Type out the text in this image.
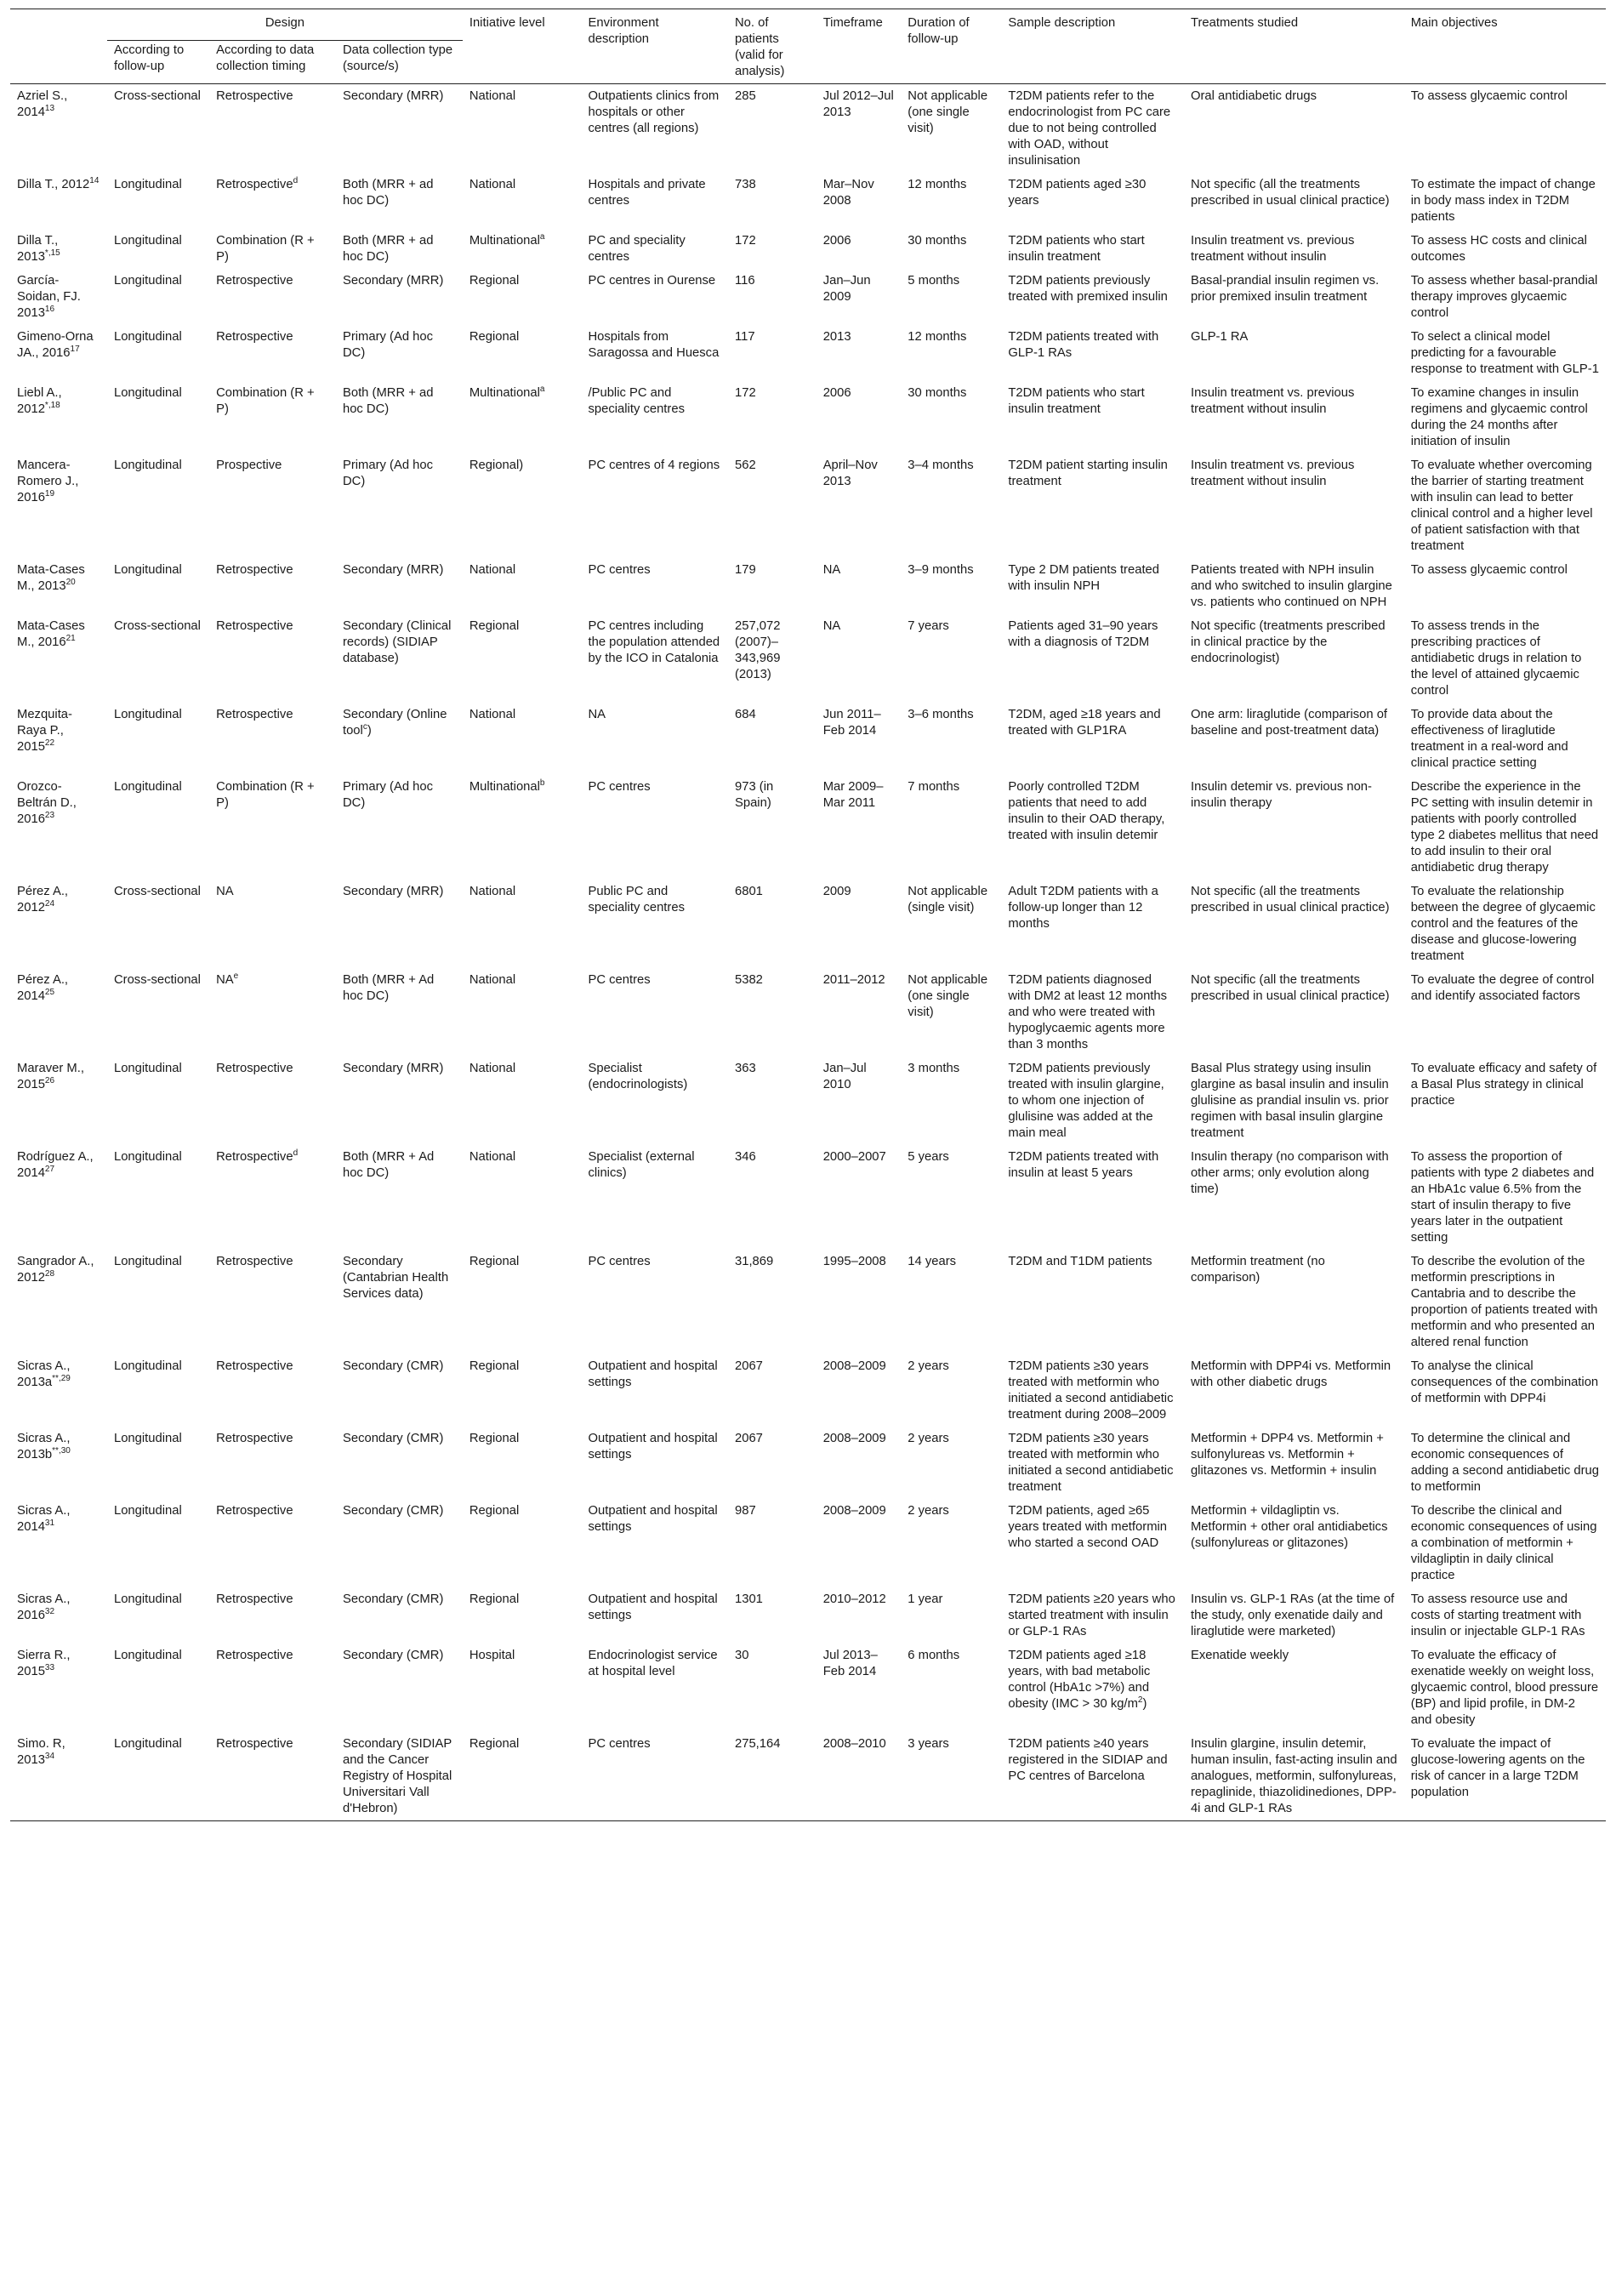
	Design			Initiative level	Environment description	No. of patients (valid for analysis)	Timeframe	Duration of follow-up	Sample description	Treatments studied	Main objectives
	According to follow-up	According to data collection timing	Data collection type (source/s)								
Azriel S., 2014$^{13}$	Cross-sectional	Retrospective	Secondary (MRR)	National	Outpatients clinics from hospitals or other centres (all regions)	285	Jul 2012–Jul 2013	Not applicable (one single visit)	T2DM patients refer to the endocrinologist from PC care due to not being controlled with OAD, without insulinisation	Oral antidiabetic drugs	To assess glycaemic control
Dilla T., 2012$^{14}$	Longitudinal	Retrospective$^d$	Both (MRR + ad hoc DC)	National	Hospitals and private centres	738	Mar–Nov 2008	12 months	T2DM patients aged ≥30 years	Not specific (all the treatments prescribed in usual clinical practice)	To estimate the impact of change in body mass index in T2DM patients
Dilla T., $2013^{*,15}$	Longitudinal	Combination (R + P)	Both (MRR + ad hoc DC)	Multinational$^a$	PC and speciality centres	172	2006	30 months	T2DM patients who start insulin treatment	Insulin treatment vs. previous treatment without insulin	To assess HC costs and clinical outcomes
García-Soidan, FJ. 2013$^{16}$	Longitudinal	Retrospective	Secondary (MRR)	Regional	PC centres in Ourense	116	Jan–Jun 2009	5 months	T2DM patients previously treated with premixed insulin	Basal-prandial insulin regimen vs. prior premixed insulin treatment	To assess whether basal-prandial therapy improves glycaemic control
Gimeno-Orna JA., 2016$^{17}$	Longitudinal	Retrospective	Primary (Ad hoc DC)	Regional	Hospitals from Saragossa and Huesca	117	2013	12 months	T2DM patients treated with GLP-1 RAs	GLP-1 RA	To select a clinical model predicting for a favourable response to treatment with GLP-1
Liebl A., $2012^{*,18}$	Longitudinal	Combination (R + P)	Both (MRR + ad hoc DC)	Multinational$^a$	/Public PC and speciality centres	172	2006	30 months	T2DM patients who start insulin treatment	Insulin treatment vs. previous treatment without insulin	To examine changes in insulin regimens and glycaemic control during the 24 months after initiation of insulin
Mancera-Romero J., 2016$^{19}$	Longitudinal	Prospective	Primary (Ad hoc DC)	Regional)	PC centres of 4 regions	562	April–Nov 2013	3–4 months	T2DM patient starting insulin treatment	Insulin treatment vs. previous treatment without insulin	To evaluate whether overcoming the barrier of starting treatment with insulin can lead to better clinical control and a higher level of patient satisfaction with that treatment
Mata-Cases M., 2013$^{20}$	Longitudinal	Retrospective	Secondary (MRR)	National	PC centres	179	NA	3–9 months	Type 2 DM patients treated with insulin NPH	Patients treated with NPH insulin and who switched to insulin glargine vs. patients who continued on NPH	To assess glycaemic control
Mata-Cases M., 2016$^{21}$	Cross-sectional	Retrospective	Secondary (Clinical records) (SIDIAP database)	Regional	PC centres including the population attended by the ICO in Catalonia	257,072 (2007)–343,969 (2013)	NA	7 years	Patients aged 31–90 years with a diagnosis of T2DM	Not specific (treatments prescribed in clinical practice by the endocrinologist)	To assess trends in the prescribing practices of antidiabetic drugs in relation to the level of attained glycaemic control
Mezquita-Raya P., 2015$^{22}$	Longitudinal	Retrospective	Secondary (Online tool$^c$)	National	NA	684	Jun 2011–Feb 2014	3–6 months	T2DM, aged ≥18 years and treated with GLP1RA	One arm: liraglutide (comparison of baseline and post-treatment data)	To provide data about the effectiveness of liraglutide treatment in a real-word and clinical practice setting
Orozco-Beltrán D., 2016$^{23}$	Longitudinal	Combination (R + P)	Primary (Ad hoc DC)	Multinational$^b$	PC centres	973 (in Spain)	Mar 2009–Mar 2011	7 months	Poorly controlled T2DM patients that need to add insulin to their OAD therapy, treated with insulin detemir	Insulin detemir vs. previous non-insulin therapy	Describe the experience in the PC setting with insulin detemir in patients with poorly controlled type 2 diabetes mellitus that need to add insulin to their oral antidiabetic drug therapy
Pérez A., 2012$^{24}$	Cross-sectional	NA	Secondary (MRR)	National	Public PC and speciality centres	6801	2009	Not applicable (single visit)	Adult T2DM patients with a follow-up longer than 12 months	Not specific (all the treatments prescribed in usual clinical practice)	To evaluate the relationship between the degree of glycaemic control and the features of the disease and glucose-lowering treatment
Pérez A., 2014$^{25}$	Cross-sectional	$NA^e$	Both (MRR + Ad hoc DC)	National	PC centres	5382	2011–2012	Not applicable (one single visit)	T2DM patients diagnosed with DM2 at least 12 months and who were treated with hypoglycaemic agents more than 3 months	Not specific (all the treatments prescribed in usual clinical practice)	To evaluate the degree of control and identify associated factors
Maraver M., 2015$^{26}$	Longitudinal	Retrospective	Secondary (MRR)	National	Specialist (endocrinologists)	363	Jan–Jul 2010	3 months	T2DM patients previously treated with insulin glargine, to whom one injection of glulisine was added at the main meal	Basal Plus strategy using insulin glargine as basal insulin and insulin glulisine as prandial insulin vs. prior regimen with basal insulin glargine treatment	To evaluate efficacy and safety of a Basal Plus strategy in clinical practice
Rodríguez A., 2014$^{27}$	Longitudinal	Retrospective$^d$	Both (MRR + Ad hoc DC)	National	Specialist (external clinics)	346	2000–2007	5 years	T2DM patients treated with insulin at least 5 years	Insulin therapy (no comparison with other arms; only evolution along time)	To assess the proportion of patients with type 2 diabetes and an HbA1c value 6.5% from the start of insulin therapy to five years later in the outpatient setting
Sangrador A., 2012$^{28}$	Longitudinal	Retrospective	Secondary (Cantabrian Health Services data)	Regional	PC centres	31,869	1995–2008	14 years	T2DM and T1DM patients	Metformin treatment (no comparison)	To describe the evolution of the metformin prescriptions in Cantabria and to describe the proportion of patients treated with metformin and who presented an altered renal function
Sicras A., $2013a^{**,29}$	Longitudinal	Retrospective	Secondary (CMR)	Regional	Outpatient and hospital settings	2067	2008–2009	2 years	T2DM patients ≥30 years treated with metformin who initiated a second antidiabetic treatment during 2008–2009	Metformin with DPP4i vs. Metformin with other diabetic drugs	To analyse the clinical consequences of the combination of metformin with DPP4i
Sicras A., $2013b^{**,30}$	Longitudinal	Retrospective	Secondary (CMR)	Regional	Outpatient and hospital settings	2067	2008–2009	2 years	T2DM patients ≥30 years treated with metformin who initiated a second antidiabetic treatment	Metformin + DPP4 vs. Metformin + sulfonylureas vs. Metformin + glitazones vs. Metformin + insulin	To determine the clinical and economic consequences of adding a second antidiabetic drug to metformin
Sicras A., 2014$^{31}$	Longitudinal	Retrospective	Secondary (CMR)	Regional	Outpatient and hospital settings	987	2008–2009	2 years	T2DM patients, aged ≥65 years treated with metformin who started a second OAD	Metformin + vildagliptin vs. Metformin + other oral antidiabetics (sulfonylureas or glitazones)	To describe the clinical and economic consequences of using a combination of metformin + vildagliptin in daily clinical practice
Sicras A., 2016$^{32}$	Longitudinal	Retrospective	Secondary (CMR)	Regional	Outpatient and hospital settings	1301	2010–2012	1 year	T2DM patients ≥20 years who started treatment with insulin or GLP-1 RAs	Insulin vs. GLP-1 RAs (at the time of the study, only exenatide daily and liraglutide were marketed)	To assess resource use and costs of starting treatment with insulin or injectable GLP-1 RAs
Sierra R., 2015$^{33}$	Longitudinal	Retrospective	Secondary (CMR)	Hospital	Endocrinologist service at hospital level	30	Jul 2013–Feb 2014	6 months	T2DM patients aged ≥18 years, with bad metabolic control (HbA1c >7%) and obesity (IMC > 30 $kg/m^2$)	Exenatide weekly	To evaluate the efficacy of exenatide weekly on weight loss, glycaemic control, blood pressure (BP) and lipid profile, in DM-2 and obesity
Simo. R, 2013$^{34}$	Longitudinal	Retrospective	Secondary (SIDIAP and the Cancer Registry of Hospital Universitari Vall d'Hebron)	Regional	PC centres	275,164	2008–2010	3 years	T2DM patients ≥40 years registered in the SIDIAP and PC centres of Barcelona	Insulin glargine, insulin detemir, human insulin, fast-acting insulin and analogues, metformin, sulfonylureas, repaglinide, thiazolidinediones, DPP-4i and GLP-1 RAs	To evaluate the impact of glucose-lowering agents on the risk of cancer in a large T2DM population
